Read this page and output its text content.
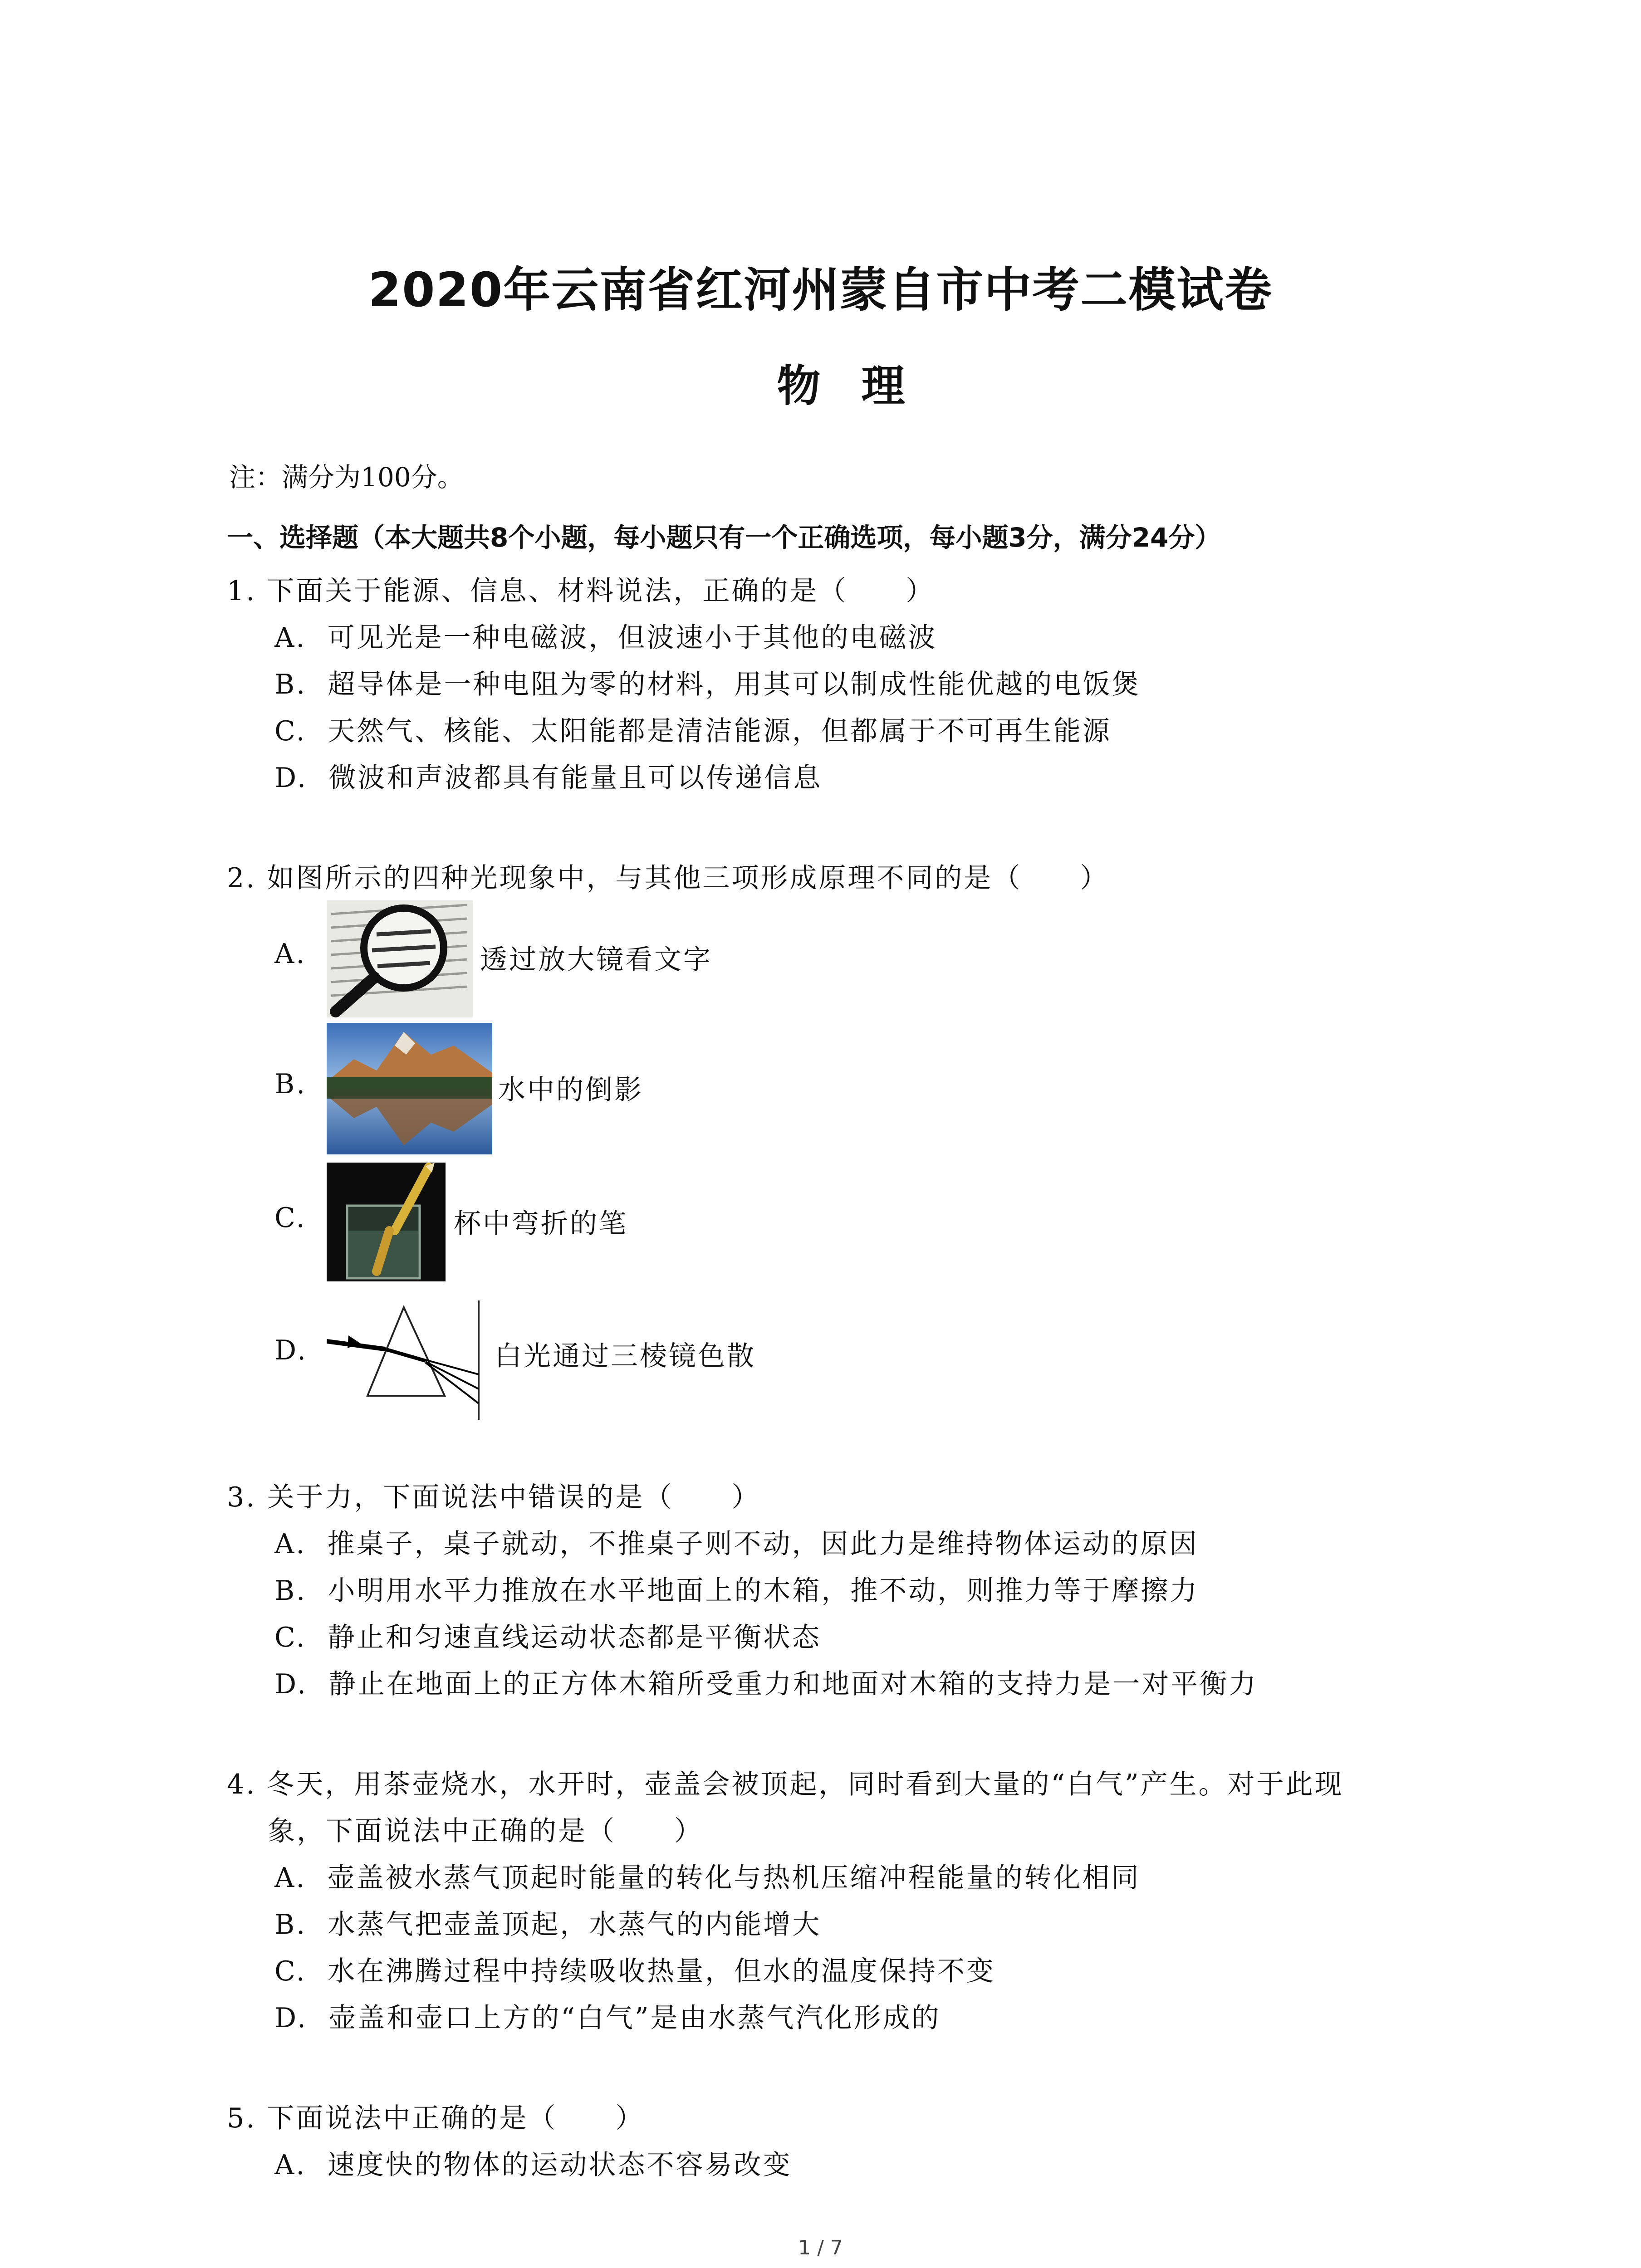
2020年云南省红河州蒙自市中考二模试卷
物理
注：满分为100分。
一、选择题（本大题共8个小题，每小题只有一个正确选项，每小题3分，满分24分）
1. 下面关于能源、信息、材料说法，正确的是（　　）
A. 可见光是一种电磁波，但波速小于其他的电磁波
B. 超导体是一种电阻为零的材料，用其可以制成性能优越的电饭煲
C. 天然气、核能、太阳能都是清洁能源，但都属于不可再生能源
D. 微波和声波都具有能量且可以传递信息
2. 如图所示的四种光现象中，与其他三项形成原理不同的是（　　）
A.	透过放大镜看文字
B.	水中的倒影
C.	杯中弯折的笔
D.	白光通过三棱镜色散
3. 关于力，下面说法中错误的是（　　）
A. 推桌子，桌子就动，不推桌子则不动，因此力是维持物体运动的原因
B. 小明用水平力推放在水平地面上的木箱，推不动，则推力等于摩擦力
C. 静止和匀速直线运动状态都是平衡状态
D. 静止在地面上的正方体木箱所受重力和地面对木箱的支持力是一对平衡力
4. 冬天，用茶壶烧水，水开时，壶盖会被顶起，同时看到大量的“白气”产生。对于此现
象，下面说法中正确的是（　　）
A. 壶盖被水蒸气顶起时能量的转化与热机压缩冲程能量的转化相同
B. 水蒸气把壶盖顶起，水蒸气的内能增大
C. 水在沸腾过程中持续吸收热量，但水的温度保持不变
D. 壶盖和壶口上方的“白气”是由水蒸气汽化形成的
5. 下面说法中正确的是（　　）
A. 速度快的物体的运动状态不容易改变
1 / 7
